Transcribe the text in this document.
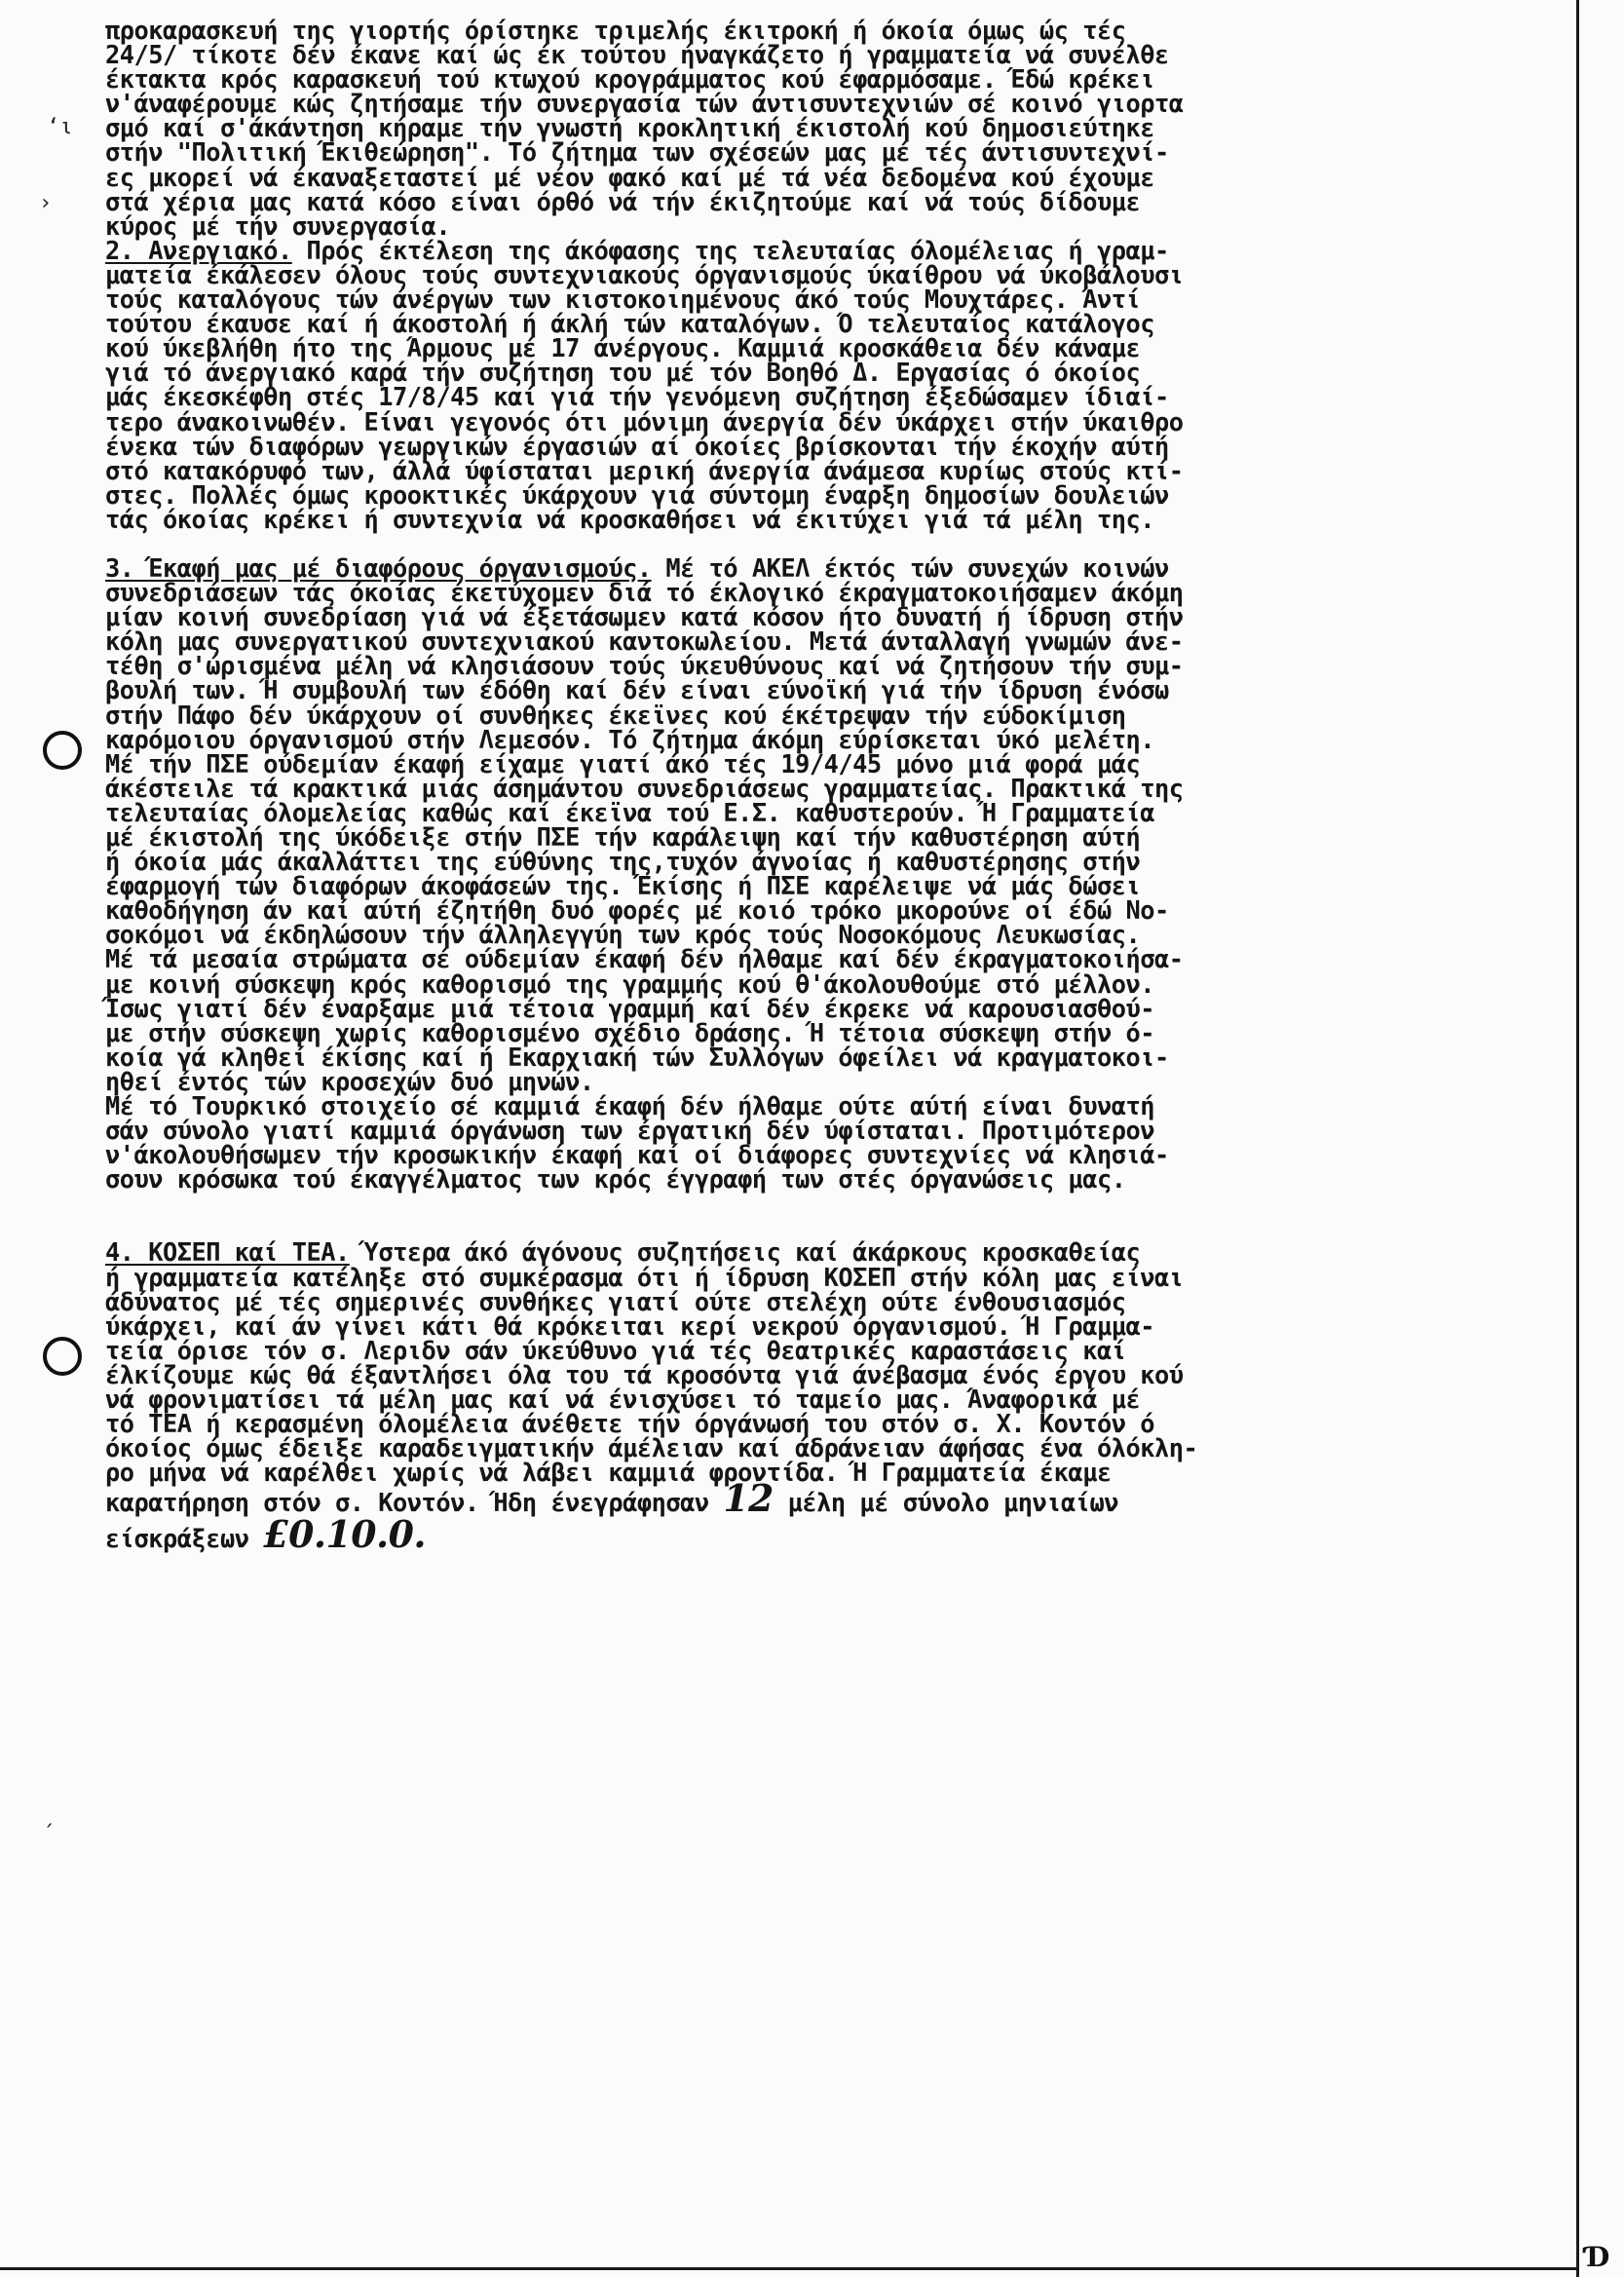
Ɗ
ʻι
›
ˏ
προκαρασκευή της γιορτής όρίστηκε τριμελής έκιτροκή ή όκοία όμως ώς τές
24/5/ τίκοτε δέν έκανε καί ώς έκ τούτου ήναγκάζετο ή γραμματεία νά συνέλθε
έκτακτα κρός καρασκευή τού κτωχού κρογράμματος κού έφαρμόσαμε. Έδώ κρέκει
ν'άναφέρουμε κώς ζητήσαμε τήν συνεργασία τών άντισυντεχνιών σέ κοινό γιορτα
σμό καί σ'άκάντηση κήραμε τήν γνωστή κροκλητική έκιστολή κού δημοσιεύτηκε
στήν "Πολιτική Έκιθεώρηση". Τό ζήτημα των σχέσεών μας μέ τές άντισυντεχνί-
ες μκορεί νά έκαναξεταστεί μέ νέον φακό καί μέ τά νέα δεδομένα κού έχουμε
στά χέρια μας κατά κόσο είναι όρθό νά τήν έκιζητούμε καί νά τούς δίδουμε
κύρος μέ τήν συνεργασία.
2. Ανεργιακό. Πρός έκτέλεση της άκόφασης της τελευταίας όλομέλειας ή γραμ-
ματεία έκάλεσεν όλους τούς συντεχνιακούς όργανισμούς ύκαίθρου νά ύκοβάλουσι
τούς καταλόγους τών άνέργων των κιστοκοιημένους άκό τούς Μουχτάρες. Άντί
τούτου έκαυσε καί ή άκοστολή ή άκλή τών καταλόγων. Ό τελευταίος κατάλογος
κού ύκεβλήθη ήτο της Άρμους μέ 17 άνέργους. Καμμιά κροσκάθεια δέν κάναμε
γιά τό άνεργιακό καρά τήν συζήτηση του μέ τόν Βοηθό Δ. Εργασίας ό όκοίος
μάς έκεσκέφθη στές 17/8/45 καί γιά τήν γενόμενη συζήτηση έξεδώσαμεν ίδιαί-
τερο άνακοινωθέν. Είναι γεγονός ότι μόνιμη άνεργία δέν ύκάρχει στήν ύκαιθρο
ένεκα τών διαφόρων γεωργικών έργασιών αί όκοίες βρίσκονται τήν έκοχήν αύτή
στό κατακόρυφό των, άλλά ύφίσταται μερική άνεργία άνάμεσα κυρίως στούς κτί-
στες. Πολλές όμως κροοκτικές ύκάρχουν γιά σύντομη έναρξη δημοσίων δουλειών
τάς όκοίας κρέκει ή συντεχνία νά κροσκαθήσει νά έκιτύχει γιά τά μέλη της.
3. Έκαφή μας μέ διαφόρους όργανισμούς. Μέ τό ΑΚΕΛ έκτός τών συνεχών κοινών
συνεδριάσεων τάς όκοίας έκετύχομεν διά τό έκλογικό έκραγματοκοιήσαμεν άκόμη
μίαν κοινή συνεδρίαση γιά νά έξετάσωμεν κατά κόσον ήτο δυνατή ή ίδρυση στήν
κόλη μας συνεργατικού συντεχνιακού καντοκωλείου. Μετά άνταλλαγή γνωμών άνε-
τέθη σ'ώρισμένα μέλη νά κλησιάσουν τούς ύκευθύνους καί νά ζητήσουν τήν συμ-
βουλή των. Ή συμβουλή των έδόθη καί δέν είναι εύνοϊκή γιά τήν ίδρυση ένόσω
στήν Πάφο δέν ύκάρχουν οί συνθήκες έκεϊνες κού έκέτρεψαν τήν εύδοκίμιση
καρόμοιου όργανισμού στήν Λεμεσόν. Τό ζήτημα άκόμη εύρίσκεται ύκό μελέτη.
Μέ τήν ΠΣΕ ούδεμίαν έκαφή είχαμε γιατί άκό τές 19/4/45 μόνο μιά φορά μάς
άκέστειλε τά κρακτικά μιάς άσημάντου συνεδριάσεως γραμματείας. Πρακτικά της
τελευταίας όλομελείας καθώς καί έκεϊνα τού Ε.Σ. καθυστερούν. Ή Γραμματεία
μέ έκιστολή της ύκόδειξε στήν ΠΣΕ τήν καράλειψη καί τήν καθυστέρηση αύτή
ή όκοία μάς άκαλλάττει της εύθύνης της,τυχόν άγνοίας ή καθυστέρησης στήν
έφαρμογή τών διαφόρων άκοφάσεών της. Έκίσης ή ΠΣΕ καρέλειψε νά μάς δώσει
καθοδήγηση άν καί αύτή έζητήθη δυό φορές μέ κοιό τρόκο μκορούνε οί έδώ Νο-
σοκόμοι νά έκδηλώσουν τήν άλληλεγγύη των κρός τούς Νοσοκόμους Λευκωσίας.
Μέ τά μεσαία στρώματα σέ ούδεμίαν έκαφή δέν ήλθαμε καί δέν έκραγματοκοιήσα-
με κοινή σύσκεψη κρός καθορισμό της γραμμής κού θ'άκολουθούμε στό μέλλον.
Ίσως γιατί δέν έναρξαμε μιά τέτοια γραμμή καί δέν έκρεκε νά καρουσιασθού-
με στήν σύσκεψη χωρίς καθορισμένο σχέδιο δράσης. Ή τέτοια σύσκεψη στήν ό-
κοία γά κληθεί έκίσης καί ή Εκαρχιακή τών Συλλόγων όφείλει νά κραγματοκοι-
ηθεί έντός τών κροσεχών δυό μηνών.
Μέ τό Τουρκικό στοιχείο σέ καμμιά έκαφή δέν ήλθαμε ούτε αύτή είναι δυνατή
σάν σύνολο γιατί καμμιά όργάνωση των έργατική δέν ύφίσταται. Προτιμότερον
ν'άκολουθήσωμεν τήν κροσωκικήν έκαφή καί οί διάφορες συντεχνίες νά κλησιά-
σουν κρόσωκα τού έκαγγέλματος των κρός έγγραφή των στές όργανώσεις μας.
4. ΚΟΣΕΠ καί ΤΕΑ. Ύστερα άκό άγόνους συζητήσεις καί άκάρκους κροσκαθείας
ή γραμματεία κατέληξε στό συμκέρασμα ότι ή ίδρυση ΚΟΣΕΠ στήν κόλη μας είναι
άδύνατος μέ τές σημερινές συνθήκες γιατί ούτε στελέχη ούτε ένθουσιασμός
ύκάρχει, καί άν γίνει κάτι θά κρόκειται κερί νεκρού όργανισμού. Ή Γραμμα-
τεία όρισε τόν σ. Λεριδν σάν ύκεύθυνο γιά τές θεατρικές καραστάσεις καί
έλκίζουμε κώς θά έξαντλήσει όλα του τά κροσόντα γιά άνέβασμα ένός έργου κού
νά φρονιματίσει τά μέλη μας καί νά ένισχύσει τό ταμείο μας. Άναφορικά μέ
τό ΤΕΑ ή κερασμένη όλομέλεια άνέθετε τήν όργάνωσή του στόν σ. Χ. Κοντόν ό
όκοίος όμως έδειξε καραδειγματικήν άμέλειαν καί άδράνειαν άφήσας ένα όλόκλη-
ρο μήνα νά καρέλθει χωρίς νά λάβει καμμιά φροντίδα. Ή Γραμματεία έκαμε
καρατήρηση στόν σ. Κοντόν. Ήδη ένεγράφησαν 12 μέλη μέ σύνολο μηνιαίων
είσκράξεων £0.10.0.
